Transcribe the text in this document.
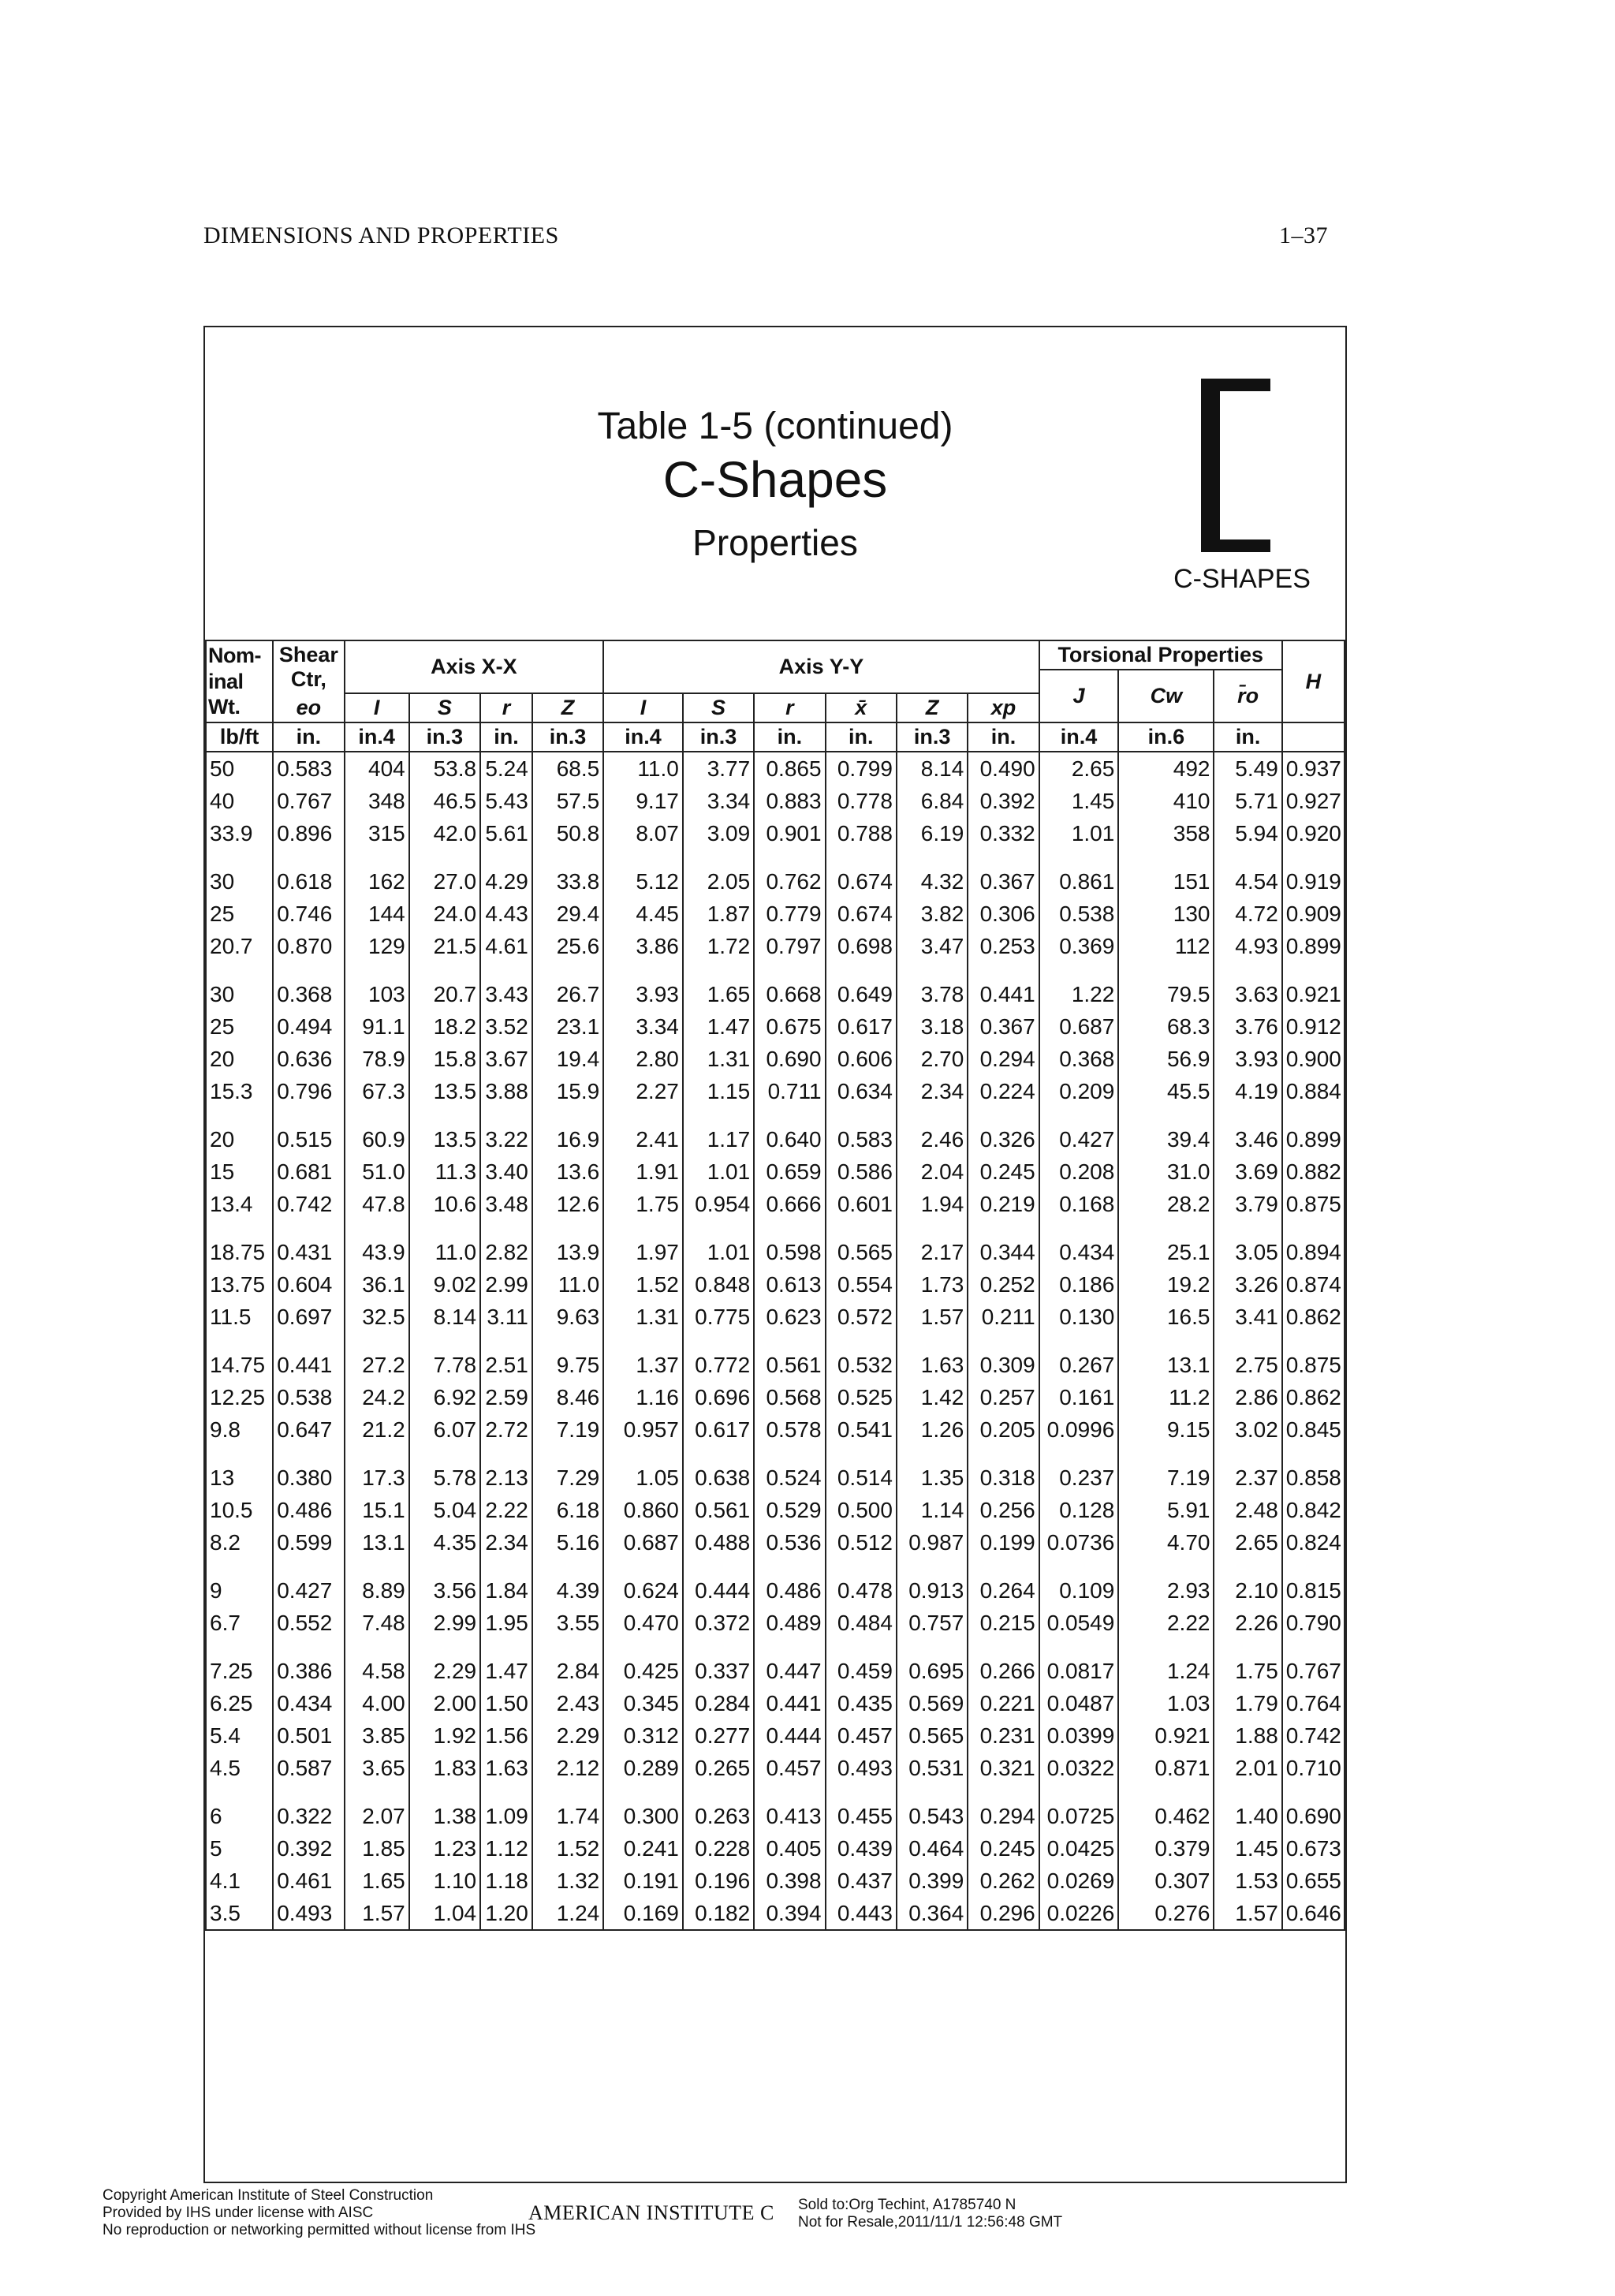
DIMENSIONS AND PROPERTIES	1–37
Table 1-5 (continued)
C-Shapes
Properties
C-SHAPES
Nom- inal Wt.	Shear Ctr,	Axis X-X				Axis Y-Y						Torsional Properties			H
												J	Cw	r̄o	
	eo	I	S	r	Z	I	S	r	x̄	Z	xp				
lb/ft	in.	in.4	in.3	in.	in.3	in.4	in.3	in.	in.	in.3	in.	in.4	in.6	in.	
50	0.583	404	53.8	5.24	68.5	11.0	3.77	0.865	0.799	8.14	0.490	2.65	492	5.49	0.937
40	0.767	348	46.5	5.43	57.5	9.17	3.34	0.883	0.778	6.84	0.392	1.45	410	5.71	0.927
33.9	0.896	315	42.0	5.61	50.8	8.07	3.09	0.901	0.788	6.19	0.332	1.01	358	5.94	0.920

30	0.618	162	27.0	4.29	33.8	5.12	2.05	0.762	0.674	4.32	0.367	0.861	151	4.54	0.919
25	0.746	144	24.0	4.43	29.4	4.45	1.87	0.779	0.674	3.82	0.306	0.538	130	4.72	0.909
20.7	0.870	129	21.5	4.61	25.6	3.86	1.72	0.797	0.698	3.47	0.253	0.369	112	4.93	0.899

30	0.368	103	20.7	3.43	26.7	3.93	1.65	0.668	0.649	3.78	0.441	1.22	79.5	3.63	0.921
25	0.494	91.1	18.2	3.52	23.1	3.34	1.47	0.675	0.617	3.18	0.367	0.687	68.3	3.76	0.912
20	0.636	78.9	15.8	3.67	19.4	2.80	1.31	0.690	0.606	2.70	0.294	0.368	56.9	3.93	0.900
15.3	0.796	67.3	13.5	3.88	15.9	2.27	1.15	0.711	0.634	2.34	0.224	0.209	45.5	4.19	0.884

20	0.515	60.9	13.5	3.22	16.9	2.41	1.17	0.640	0.583	2.46	0.326	0.427	39.4	3.46	0.899
15	0.681	51.0	11.3	3.40	13.6	1.91	1.01	0.659	0.586	2.04	0.245	0.208	31.0	3.69	0.882
13.4	0.742	47.8	10.6	3.48	12.6	1.75	0.954	0.666	0.601	1.94	0.219	0.168	28.2	3.79	0.875

18.75	0.431	43.9	11.0	2.82	13.9	1.97	1.01	0.598	0.565	2.17	0.344	0.434	25.1	3.05	0.894
13.75	0.604	36.1	9.02	2.99	11.0	1.52	0.848	0.613	0.554	1.73	0.252	0.186	19.2	3.26	0.874
11.5	0.697	32.5	8.14	3.11	9.63	1.31	0.775	0.623	0.572	1.57	0.211	0.130	16.5	3.41	0.862

14.75	0.441	27.2	7.78	2.51	9.75	1.37	0.772	0.561	0.532	1.63	0.309	0.267	13.1	2.75	0.875
12.25	0.538	24.2	6.92	2.59	8.46	1.16	0.696	0.568	0.525	1.42	0.257	0.161	11.2	2.86	0.862
9.8	0.647	21.2	6.07	2.72	7.19	0.957	0.617	0.578	0.541	1.26	0.205	0.0996	9.15	3.02	0.845

13	0.380	17.3	5.78	2.13	7.29	1.05	0.638	0.524	0.514	1.35	0.318	0.237	7.19	2.37	0.858
10.5	0.486	15.1	5.04	2.22	6.18	0.860	0.561	0.529	0.500	1.14	0.256	0.128	5.91	2.48	0.842
8.2	0.599	13.1	4.35	2.34	5.16	0.687	0.488	0.536	0.512	0.987	0.199	0.0736	4.70	2.65	0.824

9	0.427	8.89	3.56	1.84	4.39	0.624	0.444	0.486	0.478	0.913	0.264	0.109	2.93	2.10	0.815
6.7	0.552	7.48	2.99	1.95	3.55	0.470	0.372	0.489	0.484	0.757	0.215	0.0549	2.22	2.26	0.790

7.25	0.386	4.58	2.29	1.47	2.84	0.425	0.337	0.447	0.459	0.695	0.266	0.0817	1.24	1.75	0.767
6.25	0.434	4.00	2.00	1.50	2.43	0.345	0.284	0.441	0.435	0.569	0.221	0.0487	1.03	1.79	0.764
5.4	0.501	3.85	1.92	1.56	2.29	0.312	0.277	0.444	0.457	0.565	0.231	0.0399	0.921	1.88	0.742
4.5	0.587	3.65	1.83	1.63	2.12	0.289	0.265	0.457	0.493	0.531	0.321	0.0322	0.871	2.01	0.710

6	0.322	2.07	1.38	1.09	1.74	0.300	0.263	0.413	0.455	0.543	0.294	0.0725	0.462	1.40	0.690
5	0.392	1.85	1.23	1.12	1.52	0.241	0.228	0.405	0.439	0.464	0.245	0.0425	0.379	1.45	0.673
4.1	0.461	1.65	1.10	1.18	1.32	0.191	0.196	0.398	0.437	0.399	0.262	0.0269	0.307	1.53	0.655
3.5	0.493	1.57	1.04	1.20	1.24	0.169	0.182	0.394	0.443	0.364	0.296	0.0226	0.276	1.57	0.646
Copyright American Institute of Steel Construction
Provided by IHS under license with AISC
No reproduction or networking permitted without license from IHS
AMERICAN INSTITUTE C Sold to:Org Techint, A1785740 N
Not for Resale,2011/11/1 12:56:48 GMT
